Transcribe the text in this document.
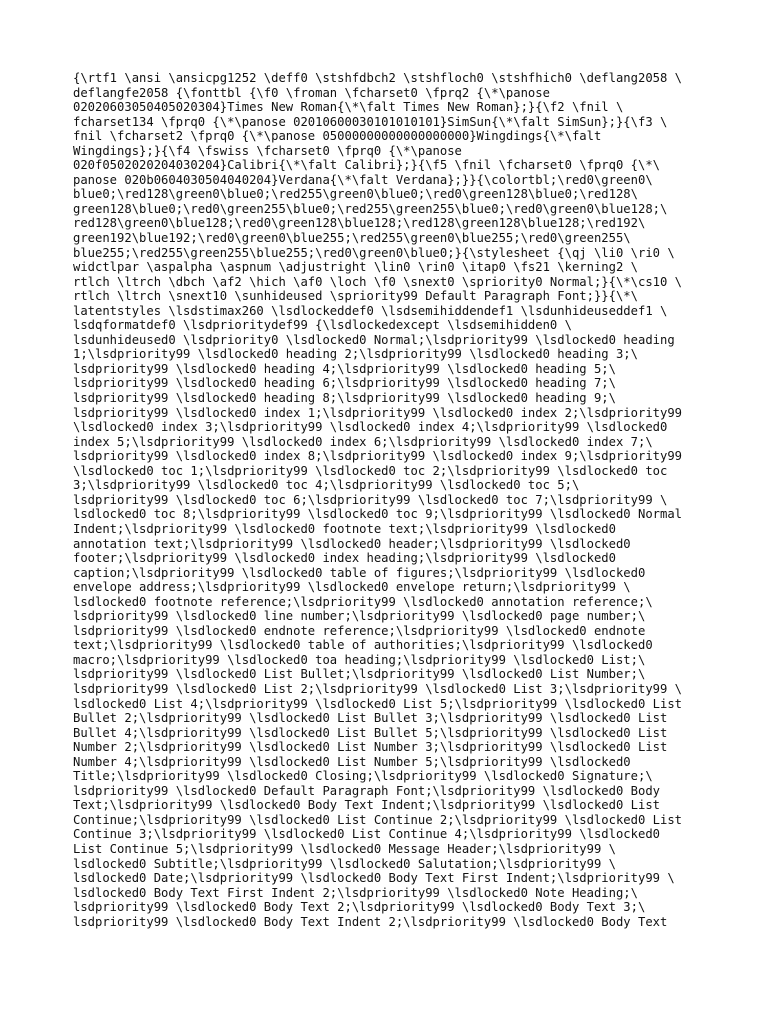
{\rtf1 \ansi \ansicpg1252 \deff0 \stshfdbch2 \stshfloch0 \stshfhich0 \deflang2058 \
deflangfe2058 {\fonttbl {\f0 \froman \fcharset0 \fprq2 {\*\panose
02020603050405020304}Times New Roman{\*\falt Times New Roman};}{\f2 \fnil \
fcharset134 \fprq0 {\*\panose 02010600030101010101}SimSun{\*\falt SimSun};}{\f3 \
fnil \fcharset2 \fprq0 {\*\panose 05000000000000000000}Wingdings{\*\falt
Wingdings};}{\f4 \fswiss \fcharset0 \fprq0 {\*\panose
020f0502020204030204}Calibri{\*\falt Calibri};}{\f5 \fnil \fcharset0 \fprq0 {\*\
panose 020b0604030504040204}Verdana{\*\falt Verdana};}}{\colortbl;\red0\green0\
blue0;\red128\green0\blue0;\red255\green0\blue0;\red0\green128\blue0;\red128\
green128\blue0;\red0\green255\blue0;\red255\green255\blue0;\red0\green0\blue128;\
red128\green0\blue128;\red0\green128\blue128;\red128\green128\blue128;\red192\
green192\blue192;\red0\green0\blue255;\red255\green0\blue255;\red0\green255\
blue255;\red255\green255\blue255;\red0\green0\blue0;}{\stylesheet {\qj \li0 \ri0 \
widctlpar \aspalpha \aspnum \adjustright \lin0 \rin0 \itap0 \fs21 \kerning2 \
rtlch \ltrch \dbch \af2 \hich \af0 \loch \f0 \snext0 \spriority0 Normal;}{\*\cs10 \
rtlch \ltrch \snext10 \sunhideused \spriority99 Default Paragraph Font;}}{\*\
latentstyles \lsdstimax260 \lsdlockeddef0 \lsdsemihiddendef1 \lsdunhideuseddef1 \
lsdqformatdef0 \lsdprioritydef99 {\lsdlockedexcept \lsdsemihidden0 \
lsdunhideused0 \lsdpriority0 \lsdlocked0 Normal;\lsdpriority99 \lsdlocked0 heading
1;\lsdpriority99 \lsdlocked0 heading 2;\lsdpriority99 \lsdlocked0 heading 3;\
lsdpriority99 \lsdlocked0 heading 4;\lsdpriority99 \lsdlocked0 heading 5;\
lsdpriority99 \lsdlocked0 heading 6;\lsdpriority99 \lsdlocked0 heading 7;\
lsdpriority99 \lsdlocked0 heading 8;\lsdpriority99 \lsdlocked0 heading 9;\
lsdpriority99 \lsdlocked0 index 1;\lsdpriority99 \lsdlocked0 index 2;\lsdpriority99
\lsdlocked0 index 3;\lsdpriority99 \lsdlocked0 index 4;\lsdpriority99 \lsdlocked0
index 5;\lsdpriority99 \lsdlocked0 index 6;\lsdpriority99 \lsdlocked0 index 7;\
lsdpriority99 \lsdlocked0 index 8;\lsdpriority99 \lsdlocked0 index 9;\lsdpriority99
\lsdlocked0 toc 1;\lsdpriority99 \lsdlocked0 toc 2;\lsdpriority99 \lsdlocked0 toc
3;\lsdpriority99 \lsdlocked0 toc 4;\lsdpriority99 \lsdlocked0 toc 5;\
lsdpriority99 \lsdlocked0 toc 6;\lsdpriority99 \lsdlocked0 toc 7;\lsdpriority99 \
lsdlocked0 toc 8;\lsdpriority99 \lsdlocked0 toc 9;\lsdpriority99 \lsdlocked0 Normal
Indent;\lsdpriority99 \lsdlocked0 footnote text;\lsdpriority99 \lsdlocked0
annotation text;\lsdpriority99 \lsdlocked0 header;\lsdpriority99 \lsdlocked0
footer;\lsdpriority99 \lsdlocked0 index heading;\lsdpriority99 \lsdlocked0
caption;\lsdpriority99 \lsdlocked0 table of figures;\lsdpriority99 \lsdlocked0
envelope address;\lsdpriority99 \lsdlocked0 envelope return;\lsdpriority99 \
lsdlocked0 footnote reference;\lsdpriority99 \lsdlocked0 annotation reference;\
lsdpriority99 \lsdlocked0 line number;\lsdpriority99 \lsdlocked0 page number;\
lsdpriority99 \lsdlocked0 endnote reference;\lsdpriority99 \lsdlocked0 endnote
text;\lsdpriority99 \lsdlocked0 table of authorities;\lsdpriority99 \lsdlocked0
macro;\lsdpriority99 \lsdlocked0 toa heading;\lsdpriority99 \lsdlocked0 List;\
lsdpriority99 \lsdlocked0 List Bullet;\lsdpriority99 \lsdlocked0 List Number;\
lsdpriority99 \lsdlocked0 List 2;\lsdpriority99 \lsdlocked0 List 3;\lsdpriority99 \
lsdlocked0 List 4;\lsdpriority99 \lsdlocked0 List 5;\lsdpriority99 \lsdlocked0 List
Bullet 2;\lsdpriority99 \lsdlocked0 List Bullet 3;\lsdpriority99 \lsdlocked0 List
Bullet 4;\lsdpriority99 \lsdlocked0 List Bullet 5;\lsdpriority99 \lsdlocked0 List
Number 2;\lsdpriority99 \lsdlocked0 List Number 3;\lsdpriority99 \lsdlocked0 List
Number 4;\lsdpriority99 \lsdlocked0 List Number 5;\lsdpriority99 \lsdlocked0
Title;\lsdpriority99 \lsdlocked0 Closing;\lsdpriority99 \lsdlocked0 Signature;\
lsdpriority99 \lsdlocked0 Default Paragraph Font;\lsdpriority99 \lsdlocked0 Body
Text;\lsdpriority99 \lsdlocked0 Body Text Indent;\lsdpriority99 \lsdlocked0 List
Continue;\lsdpriority99 \lsdlocked0 List Continue 2;\lsdpriority99 \lsdlocked0 List
Continue 3;\lsdpriority99 \lsdlocked0 List Continue 4;\lsdpriority99 \lsdlocked0
List Continue 5;\lsdpriority99 \lsdlocked0 Message Header;\lsdpriority99 \
lsdlocked0 Subtitle;\lsdpriority99 \lsdlocked0 Salutation;\lsdpriority99 \
lsdlocked0 Date;\lsdpriority99 \lsdlocked0 Body Text First Indent;\lsdpriority99 \
lsdlocked0 Body Text First Indent 2;\lsdpriority99 \lsdlocked0 Note Heading;\
lsdpriority99 \lsdlocked0 Body Text 2;\lsdpriority99 \lsdlocked0 Body Text 3;\
lsdpriority99 \lsdlocked0 Body Text Indent 2;\lsdpriority99 \lsdlocked0 Body Text
